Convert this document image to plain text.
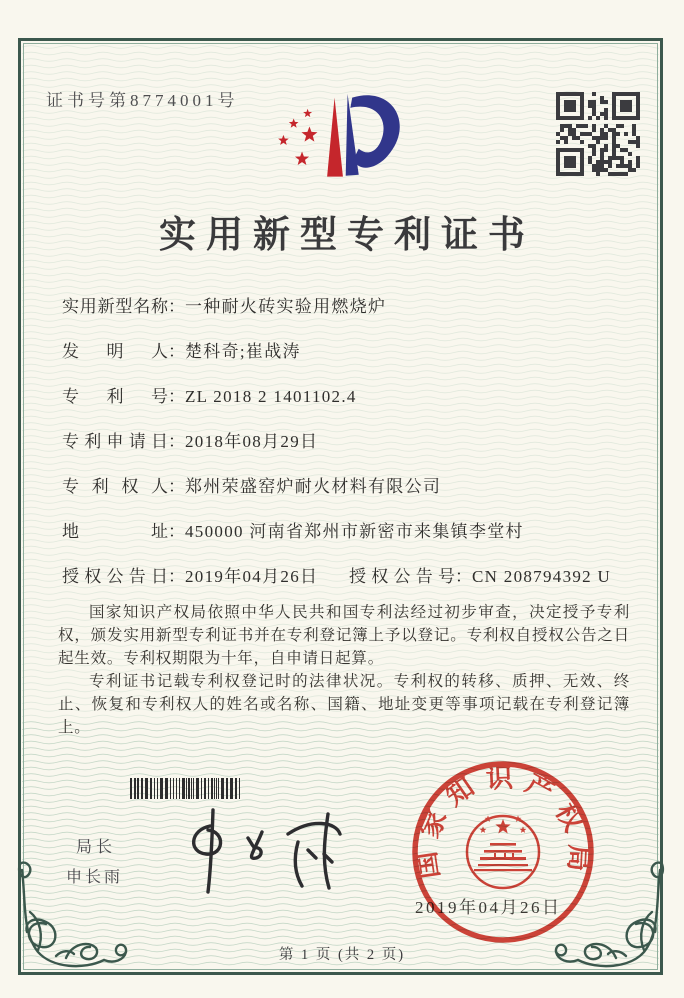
证书号第8774001号
实用新型专利证书
实用新型名称：一种耐火砖实验用燃烧炉
发明人：楚科奇;崔战涛
专利号：ZL 2018 2 1401102.4
专利申请日：2018年08月29日
专利权人：郑州荣盛窑炉耐火材料有限公司
地址：450000 河南省郑州市新密市来集镇李堂村
授权公告日：2019年04月26日 授权公告号：CN 208794392 U

国家知识产权局依照中华人民共和国专利法经过初步审查，决定授予专利权，颁发实用新型专利证书并在专利登记簿上予以登记。专利权自授权公告之日起生效。专利权期限为十年，自申请日起算。

专利证书记载专利权登记时的法律状况。专利权的转移、质押、无效、终止、恢复和专利权人的姓名或名称、国籍、地址变更等事项记载在专利登记簿上。

局长
申长雨
2019年04月26日
国家知识产权局
第 1 页 (共 2 页)
